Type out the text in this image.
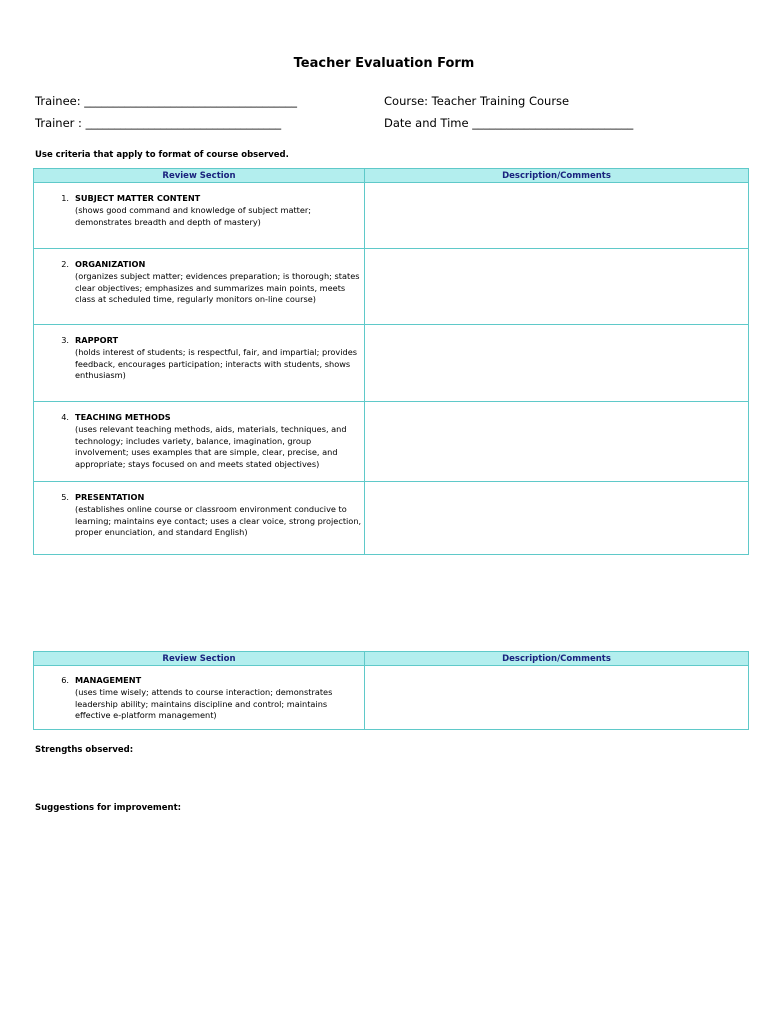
Teacher Evaluation Form
Trainee: _____________________________________
Trainer : __________________________________
Course: Teacher Training Course
Date and Time ____________________________

Use criteria that apply to format of course observed.

Review Section	Description/Comments

1. SUBJECT MATTER CONTENT
(shows good command and knowledge of subject matter; demonstrates breadth and depth of mastery)	

2. ORGANIZATION
(organizes subject matter; evidences preparation; is thorough; states clear objectives; emphasizes and summarizes main points, meets class at scheduled time, regularly monitors on-line course)	

3. RAPPORT
(holds interest of students; is respectful, fair, and impartial; provides feedback, encourages participation; interacts with students, shows enthusiasm)	

4. TEACHING METHODS
(uses relevant teaching methods, aids, materials, techniques, and technology; includes variety, balance, imagination, group involvement; uses examples that are simple, clear, precise, and appropriate; stays focused on and meets stated objectives)	

5. PRESENTATION
(establishes online course or classroom environment conducive to learning; maintains eye contact; uses a clear voice, strong projection, proper enunciation, and standard English)	

Review Section	Description/Comments

6. MANAGEMENT
(uses time wisely; attends to course interaction; demonstrates leadership ability; maintains discipline and control; maintains effective e-platform management)	

Strengths observed:

Suggestions for improvement:
